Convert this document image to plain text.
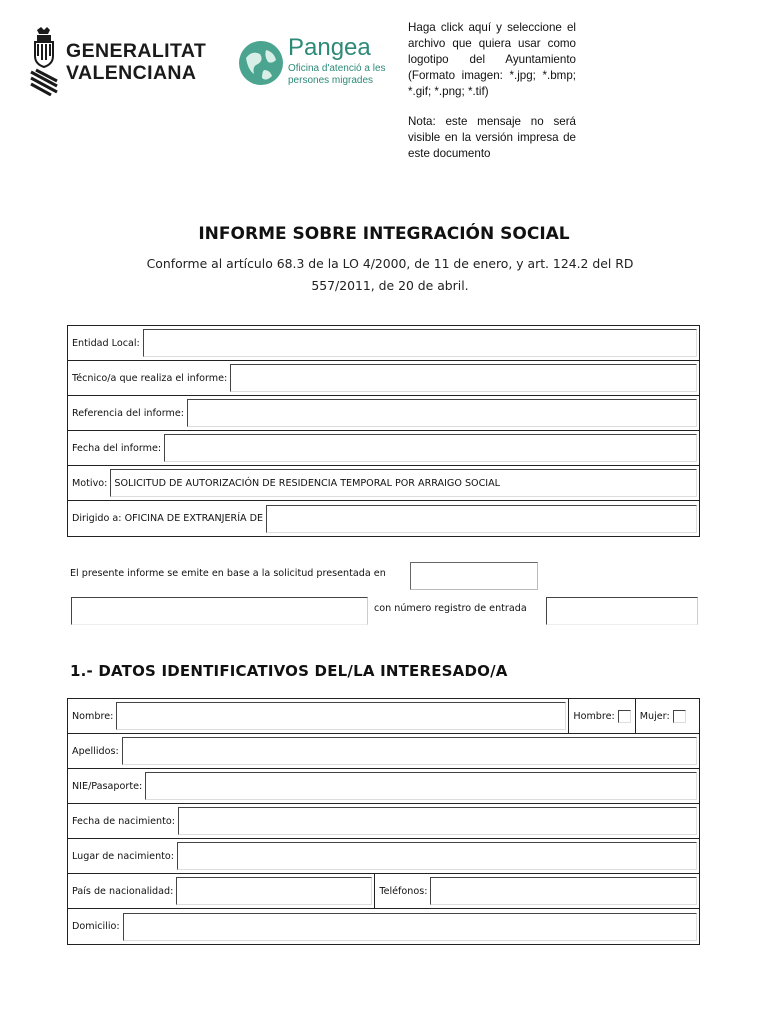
GENERALITAT
VALENCIANA
Pangea
Oficina d'atenció a les
persones migrades

Haga click aquí y seleccione el archivo que quiera usar como logotipo del Ayuntamiento (Formato imagen: *.jpg; *.bmp; *.gif; *.png; *.tif)

Nota: este mensaje no será visible en la versión impresa de este documento

INFORME SOBRE INTEGRACIÓN SOCIAL
Conforme al artículo 68.3 de la LO 4/2000, de 11 de enero, y art. 124.2 del RD 557/2011, de 20 de abril.
Entidad Local:
Técnico/a que realiza el informe:
Referencia del informe:
Fecha del informe:
Motivo: SOLICITUD DE AUTORIZACIÓN DE RESIDENCIA TEMPORAL POR ARRAIGO SOCIAL
Dirigido a: OFICINA DE EXTRANJERÍA DE
El presente informe se emite en base a la solicitud presentada en
con número registro de entrada
1.- DATOS IDENTIFICATIVOS DEL/LA INTERESADO/A
Nombre:	Hombre:	Mujer:
Apellidos:
NIE/Pasaporte:
Fecha de nacimiento:
Lugar de nacimiento:
País de nacionalidad:	Teléfonos:
Domicilio:
